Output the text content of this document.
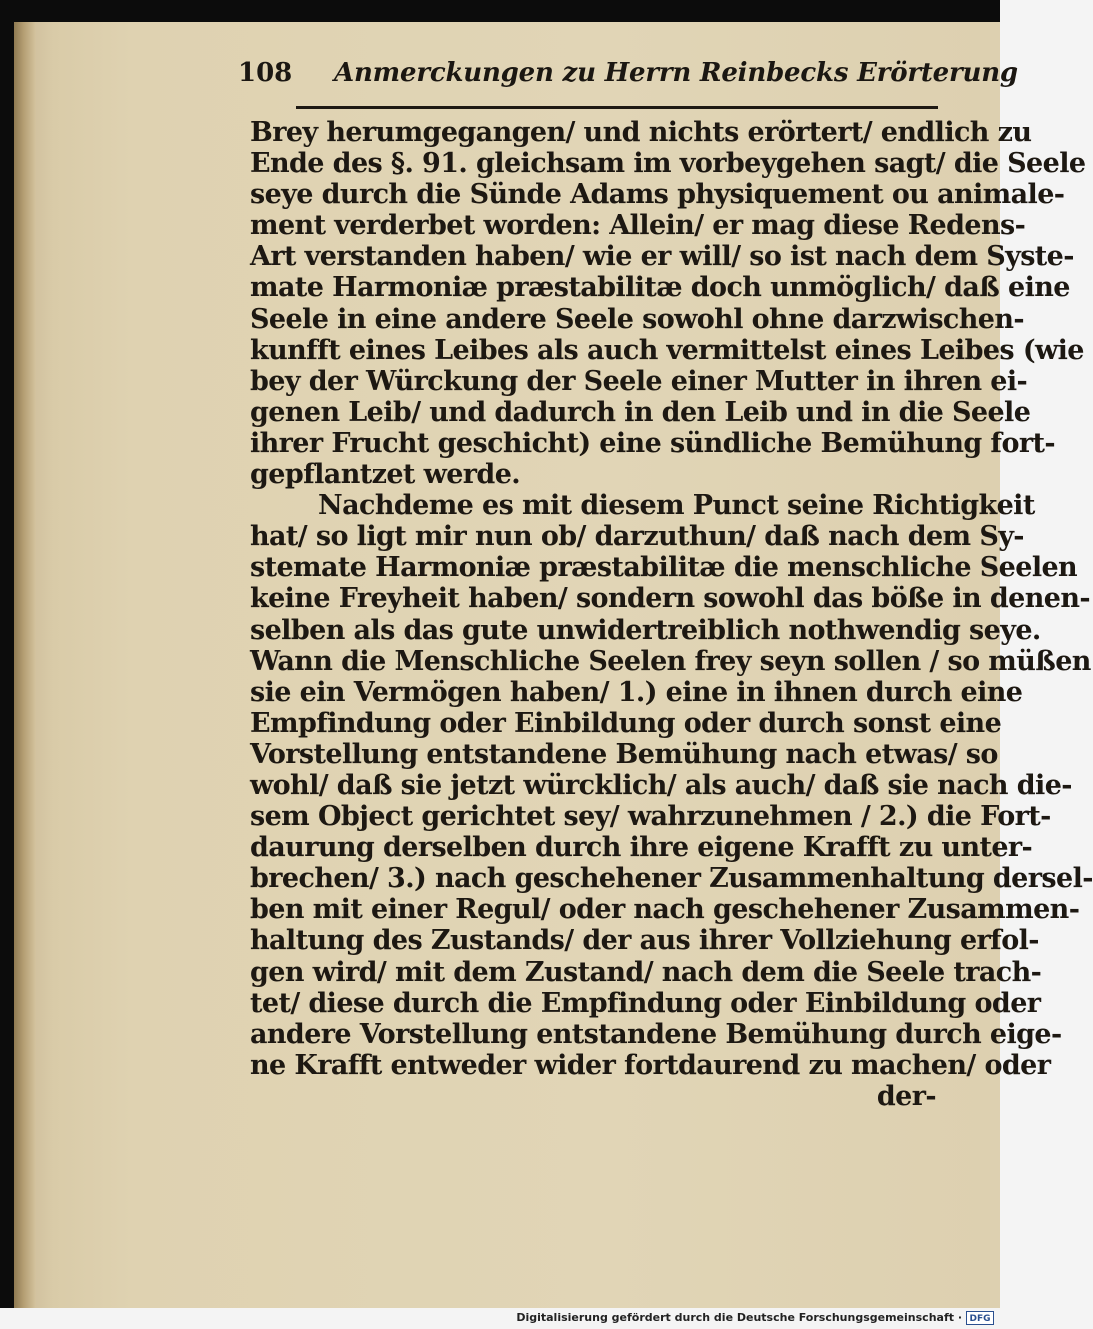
108 Anmerckungen zu Herrn Reinbecks Erörterung
Brey herumgegangen/ und nichts erörtert/ endlich zu
Ende des §. 91. gleichsam im vorbeygehen sagt/ die Seele
seye durch die Sünde Adams physiquement ou animale-
ment verderbet worden: Allein/ er mag diese Redens-
Art verstanden haben/ wie er will/ so ist nach dem Syste-
mate Harmoniæ præstabilitæ doch unmöglich/ daß eine
Seele in eine andere Seele sowohl ohne darzwischen-
kunfft eines Leibes als auch vermittelst eines Leibes (wie
bey der Würckung der Seele einer Mutter in ihren ei-
genen Leib/ und dadurch in den Leib und in die Seele
ihrer Frucht geschicht) eine sündliche Bemühung fort-
gepflantzet werde.
Nachdeme es mit diesem Punct seine Richtigkeit
hat/ so ligt mir nun ob/ darzuthun/ daß nach dem Sy-
stemate Harmoniæ præstabilitæ die menschliche Seelen
keine Freyheit haben/ sondern sowohl das böße in denen-
selben als das gute unwidertreiblich nothwendig seye.
Wann die Menschliche Seelen frey seyn sollen / so müßen
sie ein Vermögen haben/ 1.) eine in ihnen durch eine
Empfindung oder Einbildung oder durch sonst eine
Vorstellung entstandene Bemühung nach etwas/ so
wohl/ daß sie jetzt würcklich/ als auch/ daß sie nach die-
sem Object gerichtet sey/ wahrzunehmen / 2.) die Fort-
daurung derselben durch ihre eigene Krafft zu unter-
brechen/ 3.) nach geschehener Zusammenhaltung dersel-
ben mit einer Regul/ oder nach geschehener Zusammen-
haltung des Zustands/ der aus ihrer Vollziehung erfol-
gen wird/ mit dem Zustand/ nach dem die Seele trach-
tet/ diese durch die Empfindung oder Einbildung oder
andere Vorstellung entstandene Bemühung durch eige-
ne Krafft entweder wider fortdaurend zu machen/ oder
der-
Digitalisierung gefördert durch die Deutsche Forschungsgemeinschaft · DFG
